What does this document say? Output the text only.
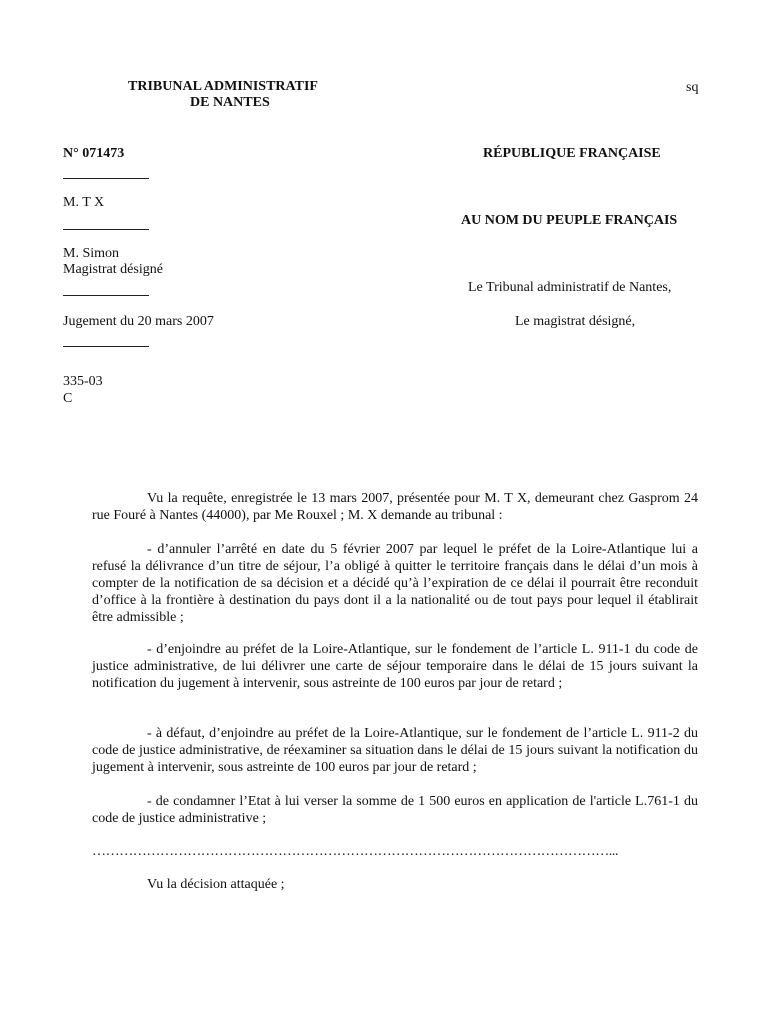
TRIBUNAL ADMINISTRATIF
DE NANTES
sq
N° 071473
M. T X
M. Simon
Magistrat désigné
Jugement du 20 mars 2007
335-03
C
RÉPUBLIQUE FRANÇAISE
AU NOM DU PEUPLE FRANÇAIS
Le Tribunal administratif de Nantes,
Le magistrat désigné,
Vu la requête, enregistrée le 13 mars 2007, présentée pour M. T X, demeurant chez Gasprom 24 rue Fouré à Nantes (44000), par Me Rouxel ; M. X demande au tribunal :
- d’annuler l’arrêté en date du 5 février 2007 par lequel le préfet de la Loire-Atlantique lui a refusé la délivrance d’un titre de séjour, l’a obligé à quitter le territoire français dans le délai d’un mois à compter de la notification de sa décision et a décidé qu’à l’expiration de ce délai il pourrait être reconduit d’office à la frontière à destination du pays dont il a la nationalité ou de tout pays pour lequel il établirait être admissible ;
- d’enjoindre au préfet de la Loire-Atlantique, sur le fondement de l’article L. 911-1 du code de justice administrative, de lui délivrer une carte de séjour temporaire dans le délai de 15 jours suivant la notification du jugement à intervenir, sous astreinte de 100 euros par jour de retard ;
- à défaut, d’enjoindre au préfet de la Loire-Atlantique, sur le fondement de l’article L. 911-2 du code de justice administrative, de réexaminer sa situation dans le délai de 15 jours suivant la notification du jugement à intervenir, sous astreinte de 100 euros par jour de retard ;
- de condamner l’Etat à lui verser la somme de 1 500 euros en application de l'article L.761-1 du code de justice administrative ;
……………………………………………………………………………………………………...
Vu la décision attaquée ;
